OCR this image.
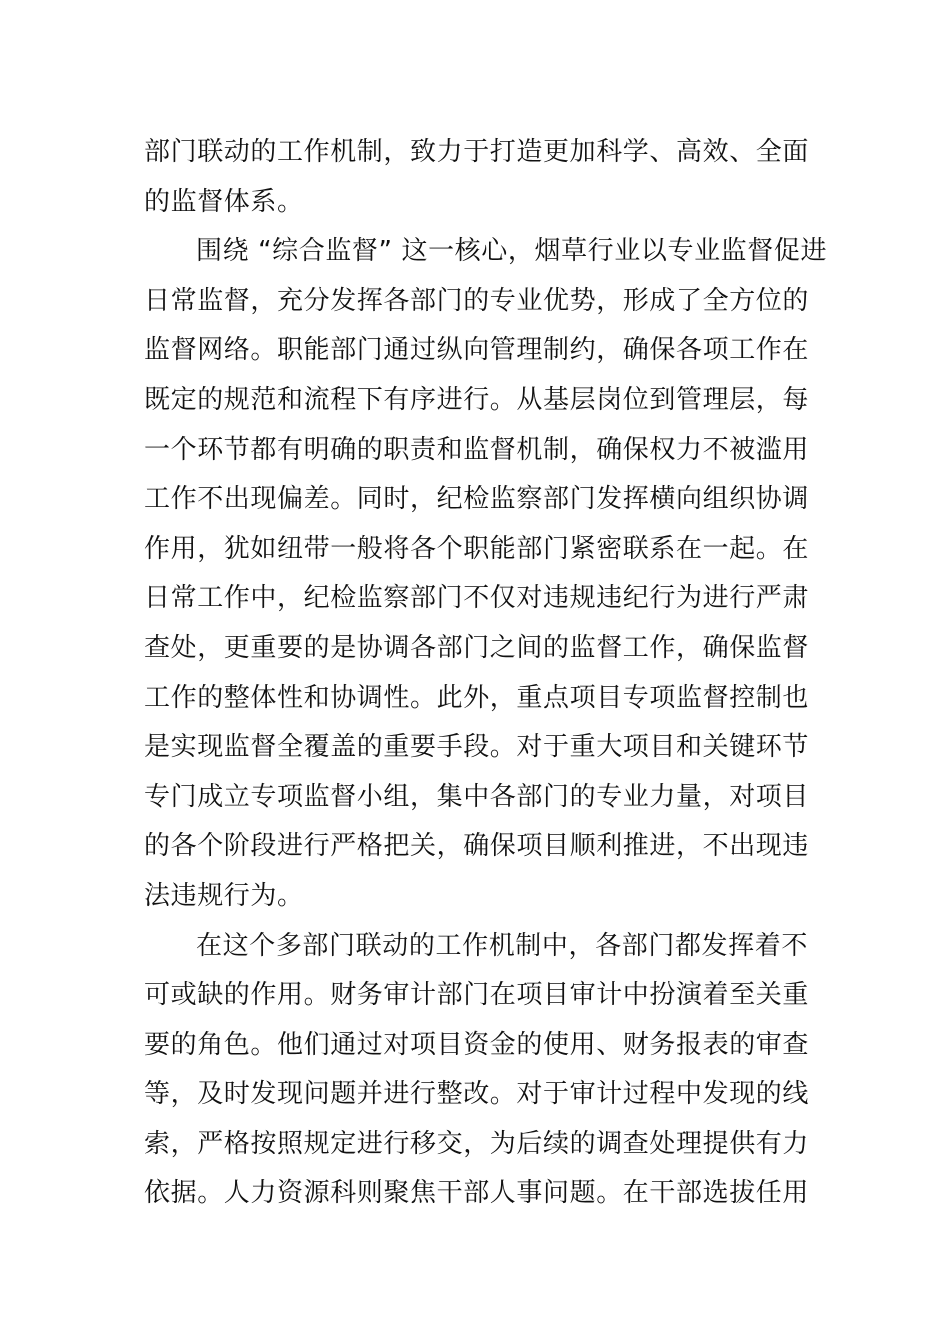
部门联动的工作机制，致力于打造更加科学、高效、全面
的监督体系。
围绕 “综合监督” 这一核心，烟草行业以专业监督促进
日常监督，充分发挥各部门的专业优势，形成了全方位的
监督网络。职能部门通过纵向管理制约，确保各项工作在
既定的规范和流程下有序进行。从基层岗位到管理层，每
一个环节都有明确的职责和监督机制，确保权力不被滥用
工作不出现偏差。同时，纪检监察部门发挥横向组织协调
作用，犹如纽带一般将各个职能部门紧密联系在一起。在
日常工作中，纪检监察部门不仅对违规违纪行为进行严肃
查处，更重要的是协调各部门之间的监督工作，确保监督
工作的整体性和协调性。此外，重点项目专项监督控制也
是实现监督全覆盖的重要手段。对于重大项目和关键环节
专门成立专项监督小组，集中各部门的专业力量，对项目
的各个阶段进行严格把关，确保项目顺利推进，不出现违
法违规行为。
在这个多部门联动的工作机制中，各部门都发挥着不
可或缺的作用。财务审计部门在项目审计中扮演着至关重
要的角色。他们通过对项目资金的使用、财务报表的审查
等，及时发现问题并进行整改。对于审计过程中发现的线
索，严格按照规定进行移交，为后续的调查处理提供有力
依据。人力资源科则聚焦干部人事问题。在干部选拔任用
